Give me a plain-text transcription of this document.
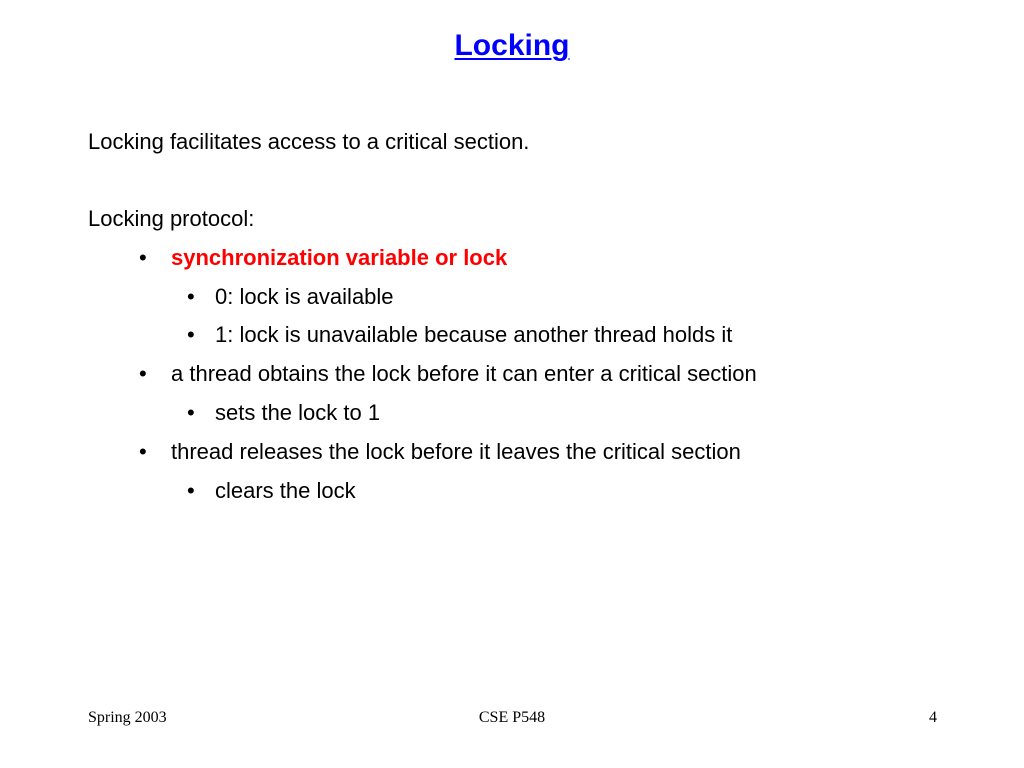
Locking
Locking facilitates access to a critical section.
Locking protocol:
• synchronization variable or lock
• 0: lock is available
• 1: lock is unavailable because another thread holds it
• a thread obtains the lock before it can enter a critical section
• sets the lock to 1
• thread releases the lock before it leaves the critical section
• clears the lock
Spring 2003	CSE P548	4
